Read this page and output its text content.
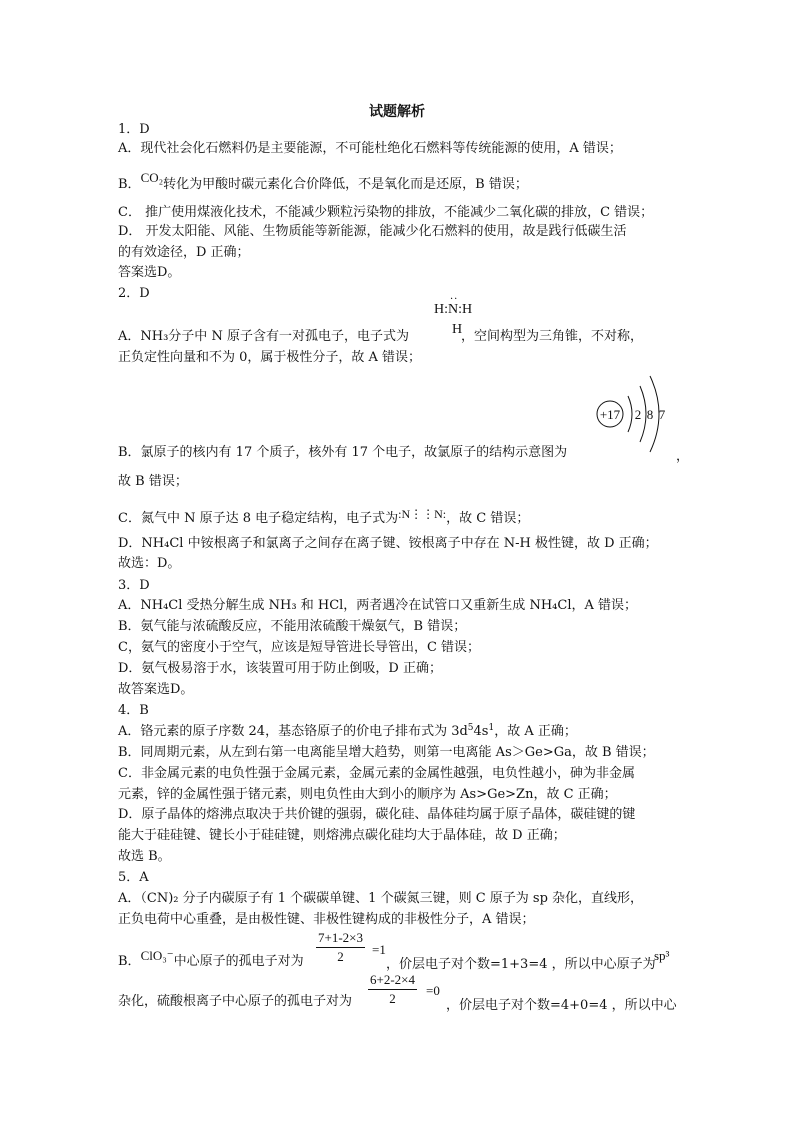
试题解析
1．D
A．现代社会化石燃料仍是主要能源，不可能杜绝化石燃料等传统能源的使用，A 错误；
B．CO₂转化为甲酸时碳元素化合价降低，不是氧化而是还原，B 错误；
C． 推广使用煤液化技术，不能减少颗粒污染物的排放，不能减少二氧化碳的排放，C 错误；
D． 开发太阳能、风能、生物质能等新能源，能减少化石燃料的使用，故是践行低碳生活
的有效途径，D 正确；
答案选D。
2．D
H:N:H
··
H
A．NH₃分子中 N 原子含有一对孤电子，电子式为	，空间构型为三角锥，不对称，
正负定性向量和不为 0，属于极性分子，故 A 错误；
+17 2 8 7
B．氯原子的核内有 17 个质子，核外有 17 个电子，故氯原子的结构示意图为	，
故 B 错误；
C．氮气中 N 原子达 8 电子稳定结构，电子式为:N⋮⋮N:，故 C 错误；
D．NH₄Cl 中铵根离子和氯离子之间存在离子键、铵根离子中存在 N-H 极性键，故 D 正确；
故选：D。
3．D
A．NH₄Cl 受热分解生成 NH₃ 和 HCl，两者遇冷在试管口又重新生成 NH₄Cl，A 错误；
B．氨气能与浓硫酸反应，不能用浓硫酸干燥氨气，B 错误；
C，氨气的密度小于空气，应该是短导管进长导管出，C 错误；
D．氨气极易溶于水，该装置可用于防止倒吸，D 正确；
故答案选D。
4．B
A．铬元素的原子序数 24，基态铬原子的价电子排布式为 $3d^54s^1$，故 A 正确；
B．同周期元素，从左到右第一电离能呈增大趋势，则第一电离能 As＞Ge>Ga，故 B 错误；
C．非金属元素的电负性强于金属元素，金属元素的金属性越强，电负性越小，砷为非金属
元素，锌的金属性强于锗元素，则电负性由大到小的顺序为 As>Ge>Zn，故 C 正确；
D．原子晶体的熔沸点取决于共价键的强弱，碳化硅、晶体硅均属于原子晶体，碳硅键的键
能大于硅硅键、键长小于硅硅键，则熔沸点碳化硅均大于晶体硅，故 D 正确；
故选 B。
5．A
A．（CN)₂ 分子内碳原子有 1 个碳碳单键、1 个碳氮三键，则 C 原子为 sp 杂化，直线形，
正负电荷中心重叠，是由极性键、非极性键构成的非极性分子，A 错误；
B．ClO₃⁻中心原子的孤电子对为 $\frac{7+1-2\times 3}{2} =1$
，价层电子对个数=1+3=4 ，所以中心原子为
sp³
杂化，硫酸根离子中心原子的孤电子对为 $\frac{6+2-2\times 4}{2} =0$
，价层电子对个数=4+0=4 ，所以中心
